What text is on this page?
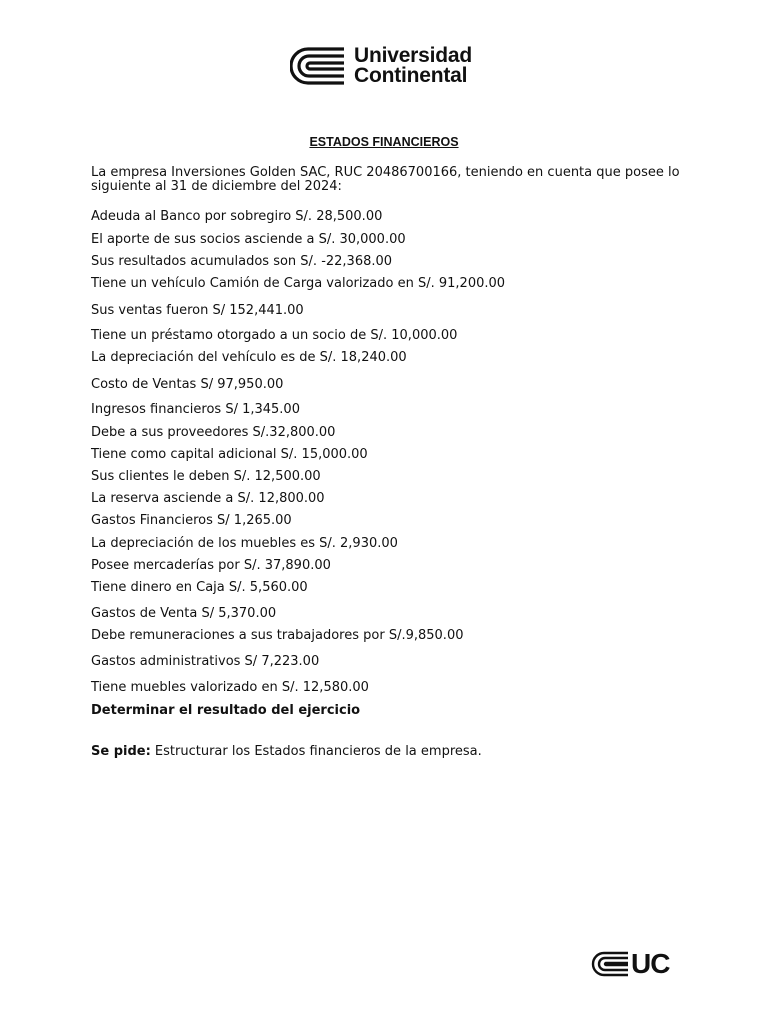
Universidad
Continental
ESTADOS FINANCIEROS
La empresa Inversiones Golden SAC, RUC 20486700166, teniendo en cuenta que posee lo siguiente al 31 de diciembre del 2024:
Adeuda al Banco por sobregiro S/. 28,500.00
El aporte de sus socios asciende a S/. 30,000.00
Sus resultados acumulados son S/. -22,368.00
Tiene un vehículo Camión de Carga valorizado en S/. 91,200.00
Sus ventas fueron S/ 152,441.00
Tiene un préstamo otorgado a un socio de S/. 10,000.00
La depreciación del vehículo es de S/. 18,240.00
Costo de Ventas S/ 97,950.00
Ingresos financieros S/ 1,345.00
Debe a sus proveedores S/.32,800.00
Tiene como capital adicional S/. 15,000.00
Sus clientes le deben S/. 12,500.00
La reserva asciende a S/. 12,800.00
Gastos Financieros S/ 1,265.00
La depreciación de los muebles es S/. 2,930.00
Posee mercaderías por S/. 37,890.00
Tiene dinero en Caja S/. 5,560.00
Gastos de Venta S/ 5,370.00
Debe remuneraciones a sus trabajadores por S/.9,850.00
Gastos administrativos S/ 7,223.00
Tiene muebles valorizado en S/. 12,580.00
Determinar el resultado del ejercicio
Se pide: Estructurar los Estados financieros de la empresa.
UC
